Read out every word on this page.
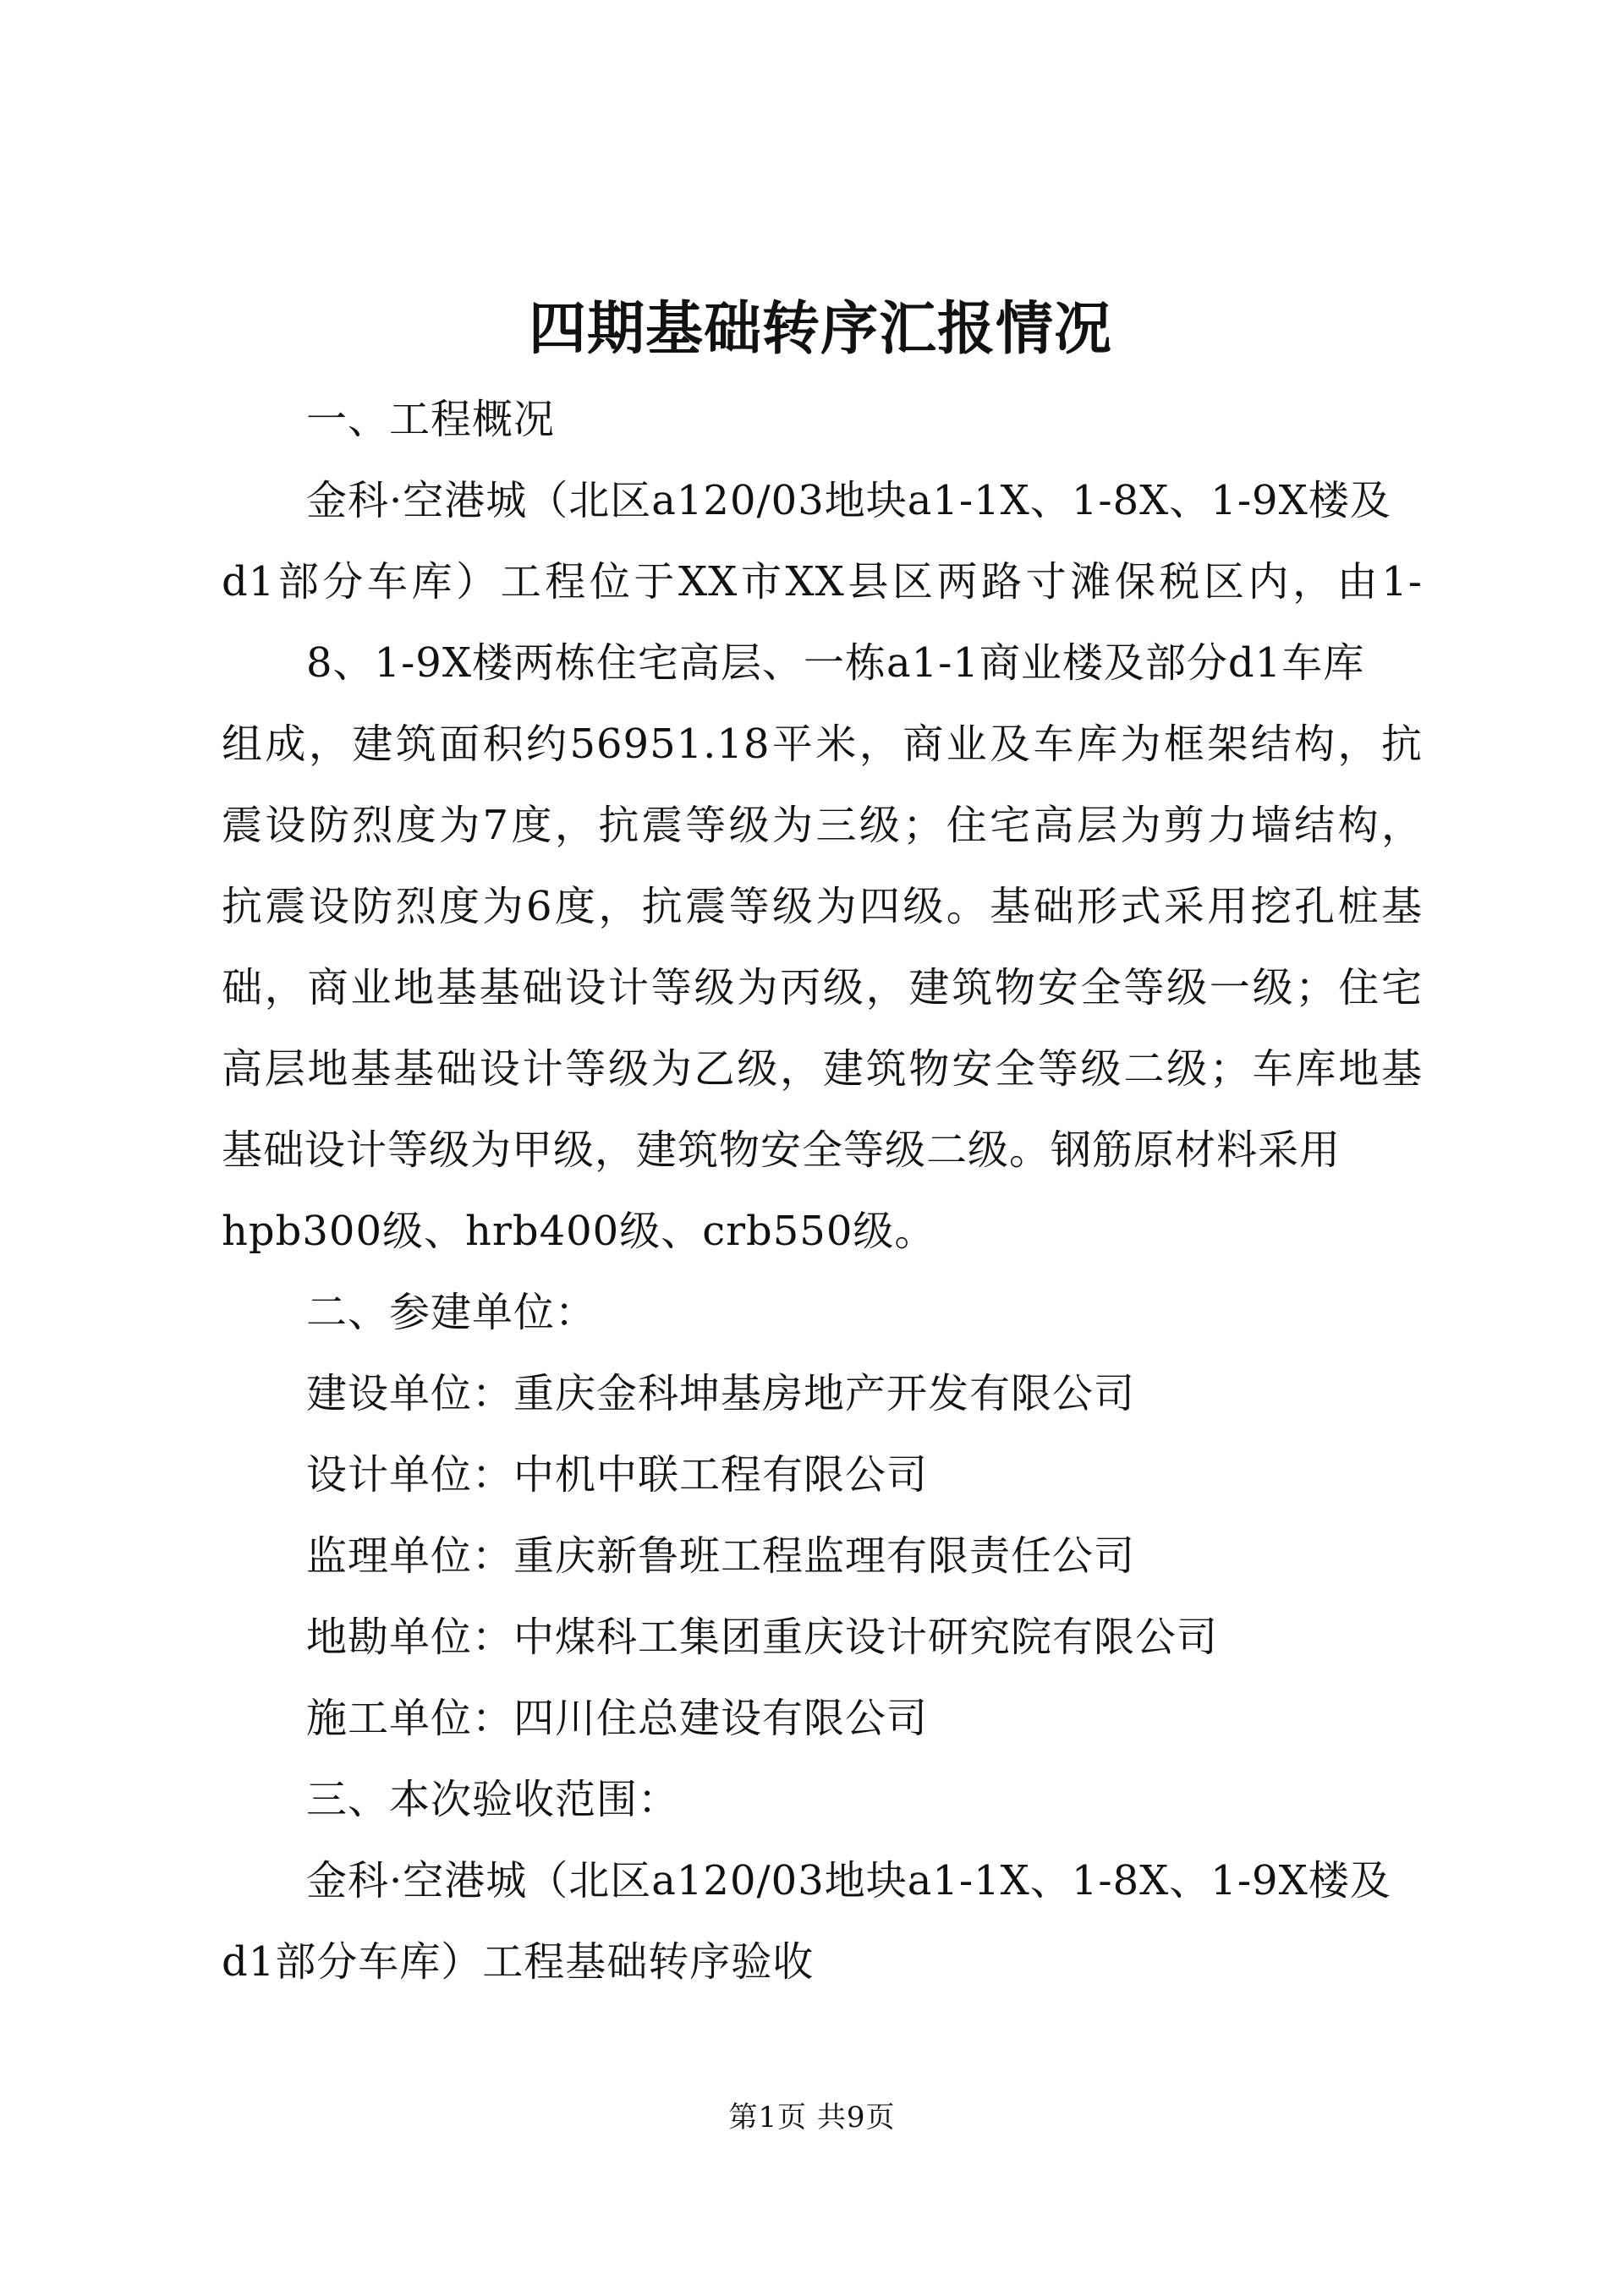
四期基础转序汇报情况

一、工程概况

金科·空港城（北区a120/03地块a1-1X、1-8X、1-9X楼及

d1部分车库）工程位于XX市XX县区两路寸滩保税区内，由1-

8、1-9X楼两栋住宅高层、一栋a1-1商业楼及部分d1车库

组成，建筑面积约56951.18平米，商业及车库为框架结构，抗

震设防烈度为7度，抗震等级为三级；住宅高层为剪力墙结构，

抗震设防烈度为6度，抗震等级为四级。基础形式采用挖孔桩基

础，商业地基基础设计等级为丙级，建筑物安全等级一级；住宅

高层地基基础设计等级为乙级，建筑物安全等级二级；车库地基

基础设计等级为甲级，建筑物安全等级二级。钢筋原材料采用

hpb300级、hrb400级、crb550级。

二、参建单位：

建设单位：重庆金科坤基房地产开发有限公司

设计单位：中机中联工程有限公司

监理单位：重庆新鲁班工程监理有限责任公司

地勘单位：中煤科工集团重庆设计研究院有限公司

施工单位：四川住总建设有限公司

三、本次验收范围：

金科·空港城（北区a120/03地块a1-1X、1-8X、1-9X楼及

d1部分车库）工程基础转序验收

第1页 共9页
